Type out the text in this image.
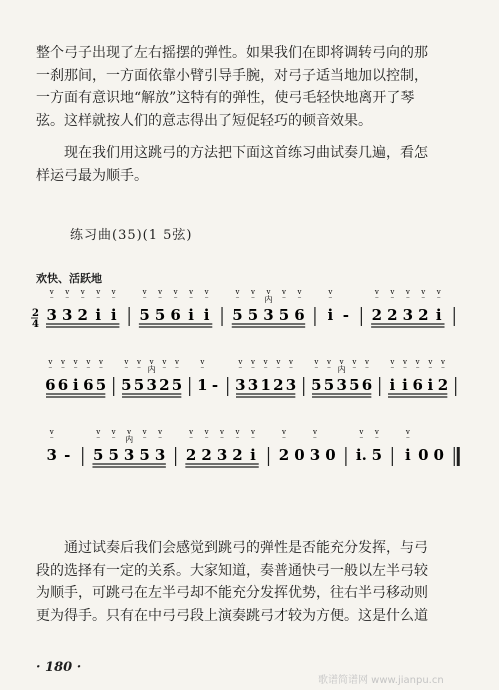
整个弓子出现了左右摇摆的弹性。如果我们在即将调转弓向的那

一刹那间，一方面依靠小臂引导手腕，对弓子适当地加以控制，

一方面有意识地“解放”这特有的弹性，使弓毛轻快地离开了琴

弦。这样就按人们的意志得出了短促轻巧的顿音效果。

现在我们用这跳弓的方法把下面这首练习曲试奏几遍，看怎

样运弓最为顺手。

练习曲(35)(1 5弦)
欢快、活跃地
2
4
3
⁻
v
3
⁻
v
2
⁻
v
i
⁻
v
i
⁻
v
5
⁻
v
5
⁻
v
6
⁻
v
i
⁻
v
i
⁻
v
5
⁻
v
5
⁻
v
3
内
v
5
⁻
v
6
⁻
v
i
⁻
v
- 2
⁻
v
2
⁻
v
3
⁻
v
2
⁻
v
i
⁻
v
6
⁻
v
6
⁻
v
i
⁻
v
6
⁻
v
5
⁻
v
5
⁻
v
5
⁻
v
3
内
v
2
⁻
v
5
⁻
v
1
⁻
v
- 3
⁻
v
3
⁻
v
1
⁻
v
2
⁻
v
3
⁻
v
5
⁻
v
5
⁻
v
3
内
v
5
⁻
v
6
⁻
v
i
⁻
v
i
⁻
v
6
⁻
v
i
⁻
v
2
⁻
v
3
⁻
v
- 5
⁻
v
5
⁻
v
3
内
v
5
⁻
v
3
⁻
v
2
⁻
v
2
⁻
v
3
⁻
v
2
⁻
v
i
⁻
v
2
⁻
v
0 3
⁻
v
0 i.
⁻
v
5
⁻
v
i
⁻
v
0 0

通过试奏后我们会感觉到跳弓的弹性是否能充分发挥，与弓

段的选择有一定的关系。大家知道，奏普通快弓一般以左半弓较

为顺手，可跳弓在左半弓却不能充分发挥优势，往右半弓移动则

更为得手。只有在中弓弓段上演奏跳弓才较为方便。这是什么道

· 180 ·
歌谱简谱网 www.jianpu.cn
